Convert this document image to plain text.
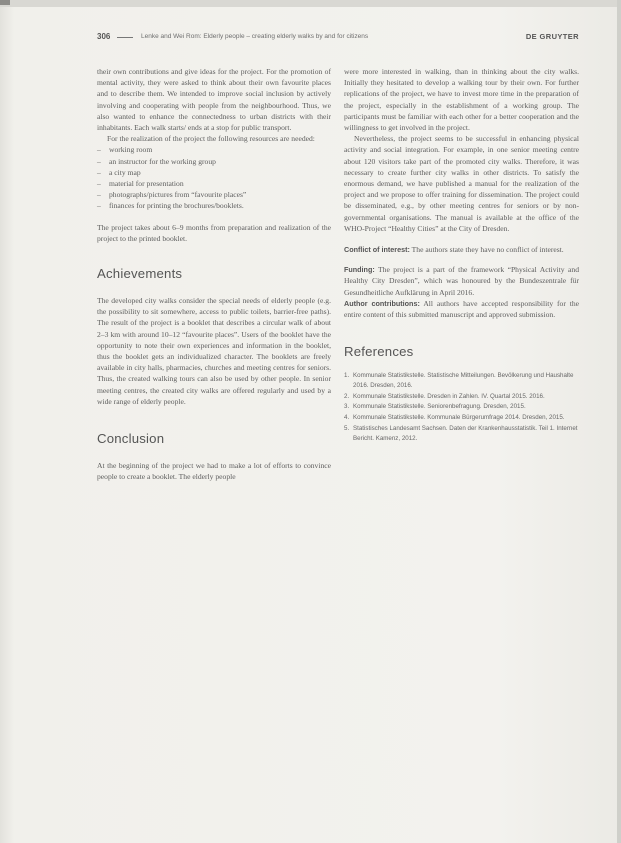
306	Lenke and Wei Rom: Elderly people – creating elderly walks by and for citizens	DE GRUYTER

their own contributions and give ideas for the project. For the promotion of mental activity, they were asked to think about their own favourite places and to describe them. We intended to improve social inclusion by actively involving and cooperating with people from the neighbourhood. Thus, we also wanted to enhance the connectedness to urban districts with their inhabitants. Each walk starts/ ends at a stop for public transport.

For the realization of the project the following resources are needed:

– working room
– an instructor for the working group
– a city map
– material for presentation
– photographs/pictures from “favourite places”
– finances for printing the brochures/booklets.

The project takes about 6–9 months from preparation and realization of the project to the printed booklet.

Achievements

The developed city walks consider the special needs of elderly people (e.g. the possibility to sit somewhere, access to public toilets, barrier-free paths). The result of the project is a booklet that describes a circular walk of about 2–3 km with around 10–12 “favourite places”. Users of the booklet have the opportunity to note their own experiences and information in the booklet, thus the booklet gets an individualized character. The booklets are freely available in city halls, pharmacies, churches and meeting centres for seniors. Thus, the created walking tours can also be used by other people. In senior meeting centres, the created city walks are offered regularly and used by a wide range of elderly people.

Conclusion

At the beginning of the project we had to make a lot of efforts to convince people to create a booklet. The elderly people

were more interested in walking, than in thinking about the city walks. Initially they hesitated to develop a walking tour by their own. For further replications of the project, we have to invest more time in the preparation of the project, especially in the establishment of a working group. The participants must be familiar with each other for a better cooperation and the willingness to get involved in the project.

Nevertheless, the project seems to be successful in enhancing physical activity and social integration. For example, in one senior meeting centre about 120 visitors take part of the promoted city walks. Therefore, it was necessary to create further city walks in other districts. To satisfy the enormous demand, we have published a manual for the realization of the project and we propose to offer training for dissemination. The project could be disseminated, e.g., by other meeting centres for seniors or by non-governmental organisations. The manual is available at the office of the WHO-Project “Healthy Cities” at the City of Dresden.

Conflict of interest: The authors state they have no conflict of interest.

Funding: The project is a part of the framework “Physical Activity and Healthy City Dresden”, which was honoured by the Bundeszentrale für Gesundheitliche Aufklärung in April 2016.

Author contributions: All authors have accepted responsibility for the entire content of this submitted manuscript and approved submission.

References
1. Kommunale Statistikstelle. Statistische Mitteilungen. Bevölkerung und Haushalte 2016. Dresden, 2016.
2. Kommunale Statistikstelle. Dresden in Zahlen. IV. Quartal 2015. 2016.
3. Kommunale Statistikstelle. Seniorenbefragung. Dresden, 2015.
4. Kommunale Statistikstelle. Kommunale Bürgerumfrage 2014. Dresden, 2015.
5. Statistisches Landesamt Sachsen. Daten der Krankenhausstatistik. Teil 1. Internet Bericht. Kamenz, 2012.
